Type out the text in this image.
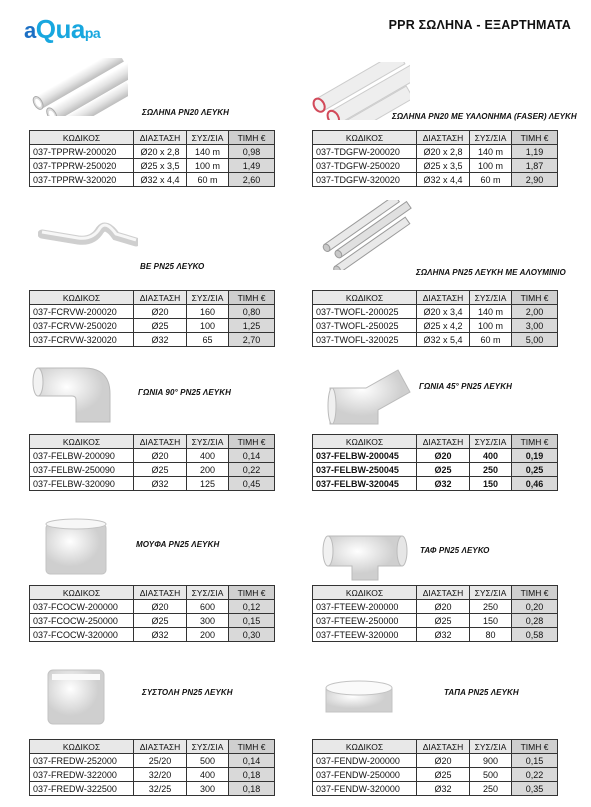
aQuapa	PPR ΣΩΛΗΝΑ - ΕΞΑΡΤΗΜΑΤΑ
ΣΩΛΗΝΑ PN20 ΛΕΥΚΗ	ΣΩΛΗΝΑ PN20 ΜΕ ΥΑΛΟΝΗΜΑ (FASER) ΛΕΥΚΗ
ΒΕ PN25 ΛΕΥΚΟ
ΣΩΛΗΝΑ PN25 ΛΕΥΚΗ ΜΕ ΑΛΟΥΜΙΝΙΟ
ΓΩΝΙΑ 90° PN25 ΛΕΥΚΗ
ΓΩΝΙΑ 45° PN25 ΛΕΥΚΗ
ΜΟΥΦΑ PN25 ΛΕΥΚΗ
ΤΑΦ PN25 ΛΕΥΚΟ
ΣΥΣΤΟΛΗ PN25 ΛΕΥΚΗ	ΤΑΠΑ PN25 ΛΕΥΚΗ
ΚΩΔΙΚΟΣ	ΔΙΑΣΤΑΣΗ	ΣΥΣ/ΣΙΑ	ΤΙΜΗ €
037-TPPRW-200020	Ø20 x 2,8	140 m	0,98
037-TPPRW-250020	Ø25 x 3,5	100 m	1,49
037-TPPRW-320020	Ø32 x 4,4	60 m	2,60
ΚΩΔΙΚΟΣ	ΔΙΑΣΤΑΣΗ	ΣΥΣ/ΣΙΑ	ΤΙΜΗ €
037-TDGFW-200020	Ø20 x 2,8	140 m	1,19
037-TDGFW-250020	Ø25 x 3,5	100 m	1,87
037-TDGFW-320020	Ø32 x 4,4	60 m	2,90
ΚΩΔΙΚΟΣ	ΔΙΑΣΤΑΣΗ	ΣΥΣ/ΣΙΑ	ΤΙΜΗ €
037-FCRVW-200020	Ø20	160	0,80
037-FCRVW-250020	Ø25	100	1,25
037-FCRVW-320020	Ø32	65	2,70
ΚΩΔΙΚΟΣ	ΔΙΑΣΤΑΣΗ	ΣΥΣ/ΣΙΑ	ΤΙΜΗ €
037-TWOFL-200025	Ø20 x 3,4	140 m	2,00
037-TWOFL-250025	Ø25 x 4,2	100 m	3,00
037-TWOFL-320025	Ø32 x 5,4	60 m	5,00
ΚΩΔΙΚΟΣ	ΔΙΑΣΤΑΣΗ	ΣΥΣ/ΣΙΑ	ΤΙΜΗ €
037-FELBW-200090	Ø20	400	0,14
037-FELBW-250090	Ø25	200	0,22
037-FELBW-320090	Ø32	125	0,45
ΚΩΔΙΚΟΣ	ΔΙΑΣΤΑΣΗ	ΣΥΣ/ΣΙΑ	ΤΙΜΗ €
037-FELBW-200045	Ø20	400	0,19
037-FELBW-250045	Ø25	250	0,25
037-FELBW-320045	Ø32	150	0,46
ΚΩΔΙΚΟΣ	ΔΙΑΣΤΑΣΗ	ΣΥΣ/ΣΙΑ	ΤΙΜΗ €
037-FCOCW-200000	Ø20	600	0,12
037-FCOCW-250000	Ø25	300	0,15
037-FCOCW-320000	Ø32	200	0,30
ΚΩΔΙΚΟΣ	ΔΙΑΣΤΑΣΗ	ΣΥΣ/ΣΙΑ	ΤΙΜΗ €
037-FTEEW-200000	Ø20	250	0,20
037-FTEEW-250000	Ø25	150	0,28
037-FTEEW-320000	Ø32	80	0,58
ΚΩΔΙΚΟΣ	ΔΙΑΣΤΑΣΗ	ΣΥΣ/ΣΙΑ	ΤΙΜΗ €
037-FREDW-252000	25/20	500	0,14
037-FREDW-322000	32/20	400	0,18
037-FREDW-322500	32/25	300	0,18
ΚΩΔΙΚΟΣ	ΔΙΑΣΤΑΣΗ	ΣΥΣ/ΣΙΑ	ΤΙΜΗ €
037-FENDW-200000	Ø20	900	0,15
037-FENDW-250000	Ø25	500	0,22
037-FENDW-320000	Ø32	250	0,35
